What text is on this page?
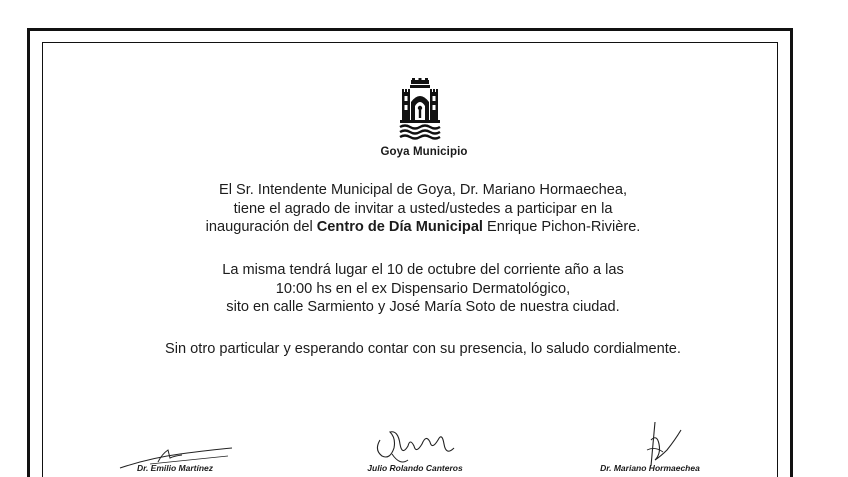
Goya Municipio
El Sr. Intendente Municipal de Goya, Dr. Mariano Hormaechea,
tiene el agrado de invitar a usted/ustedes a participar en la
inauguración del Centro de Día Municipal Enrique Pichon-Rivière.
La misma tendrá lugar el 10 de octubre del corriente año a las
10:00 hs en el ex Dispensario Dermatológico,
sito en calle Sarmiento y José María Soto de nuestra ciudad.
Sin otro particular y esperando contar con su presencia, lo saludo cordialmente.
Dr. Emilio Martínez	Julio Rolando Canteros	Dr. Mariano Hormaechea
